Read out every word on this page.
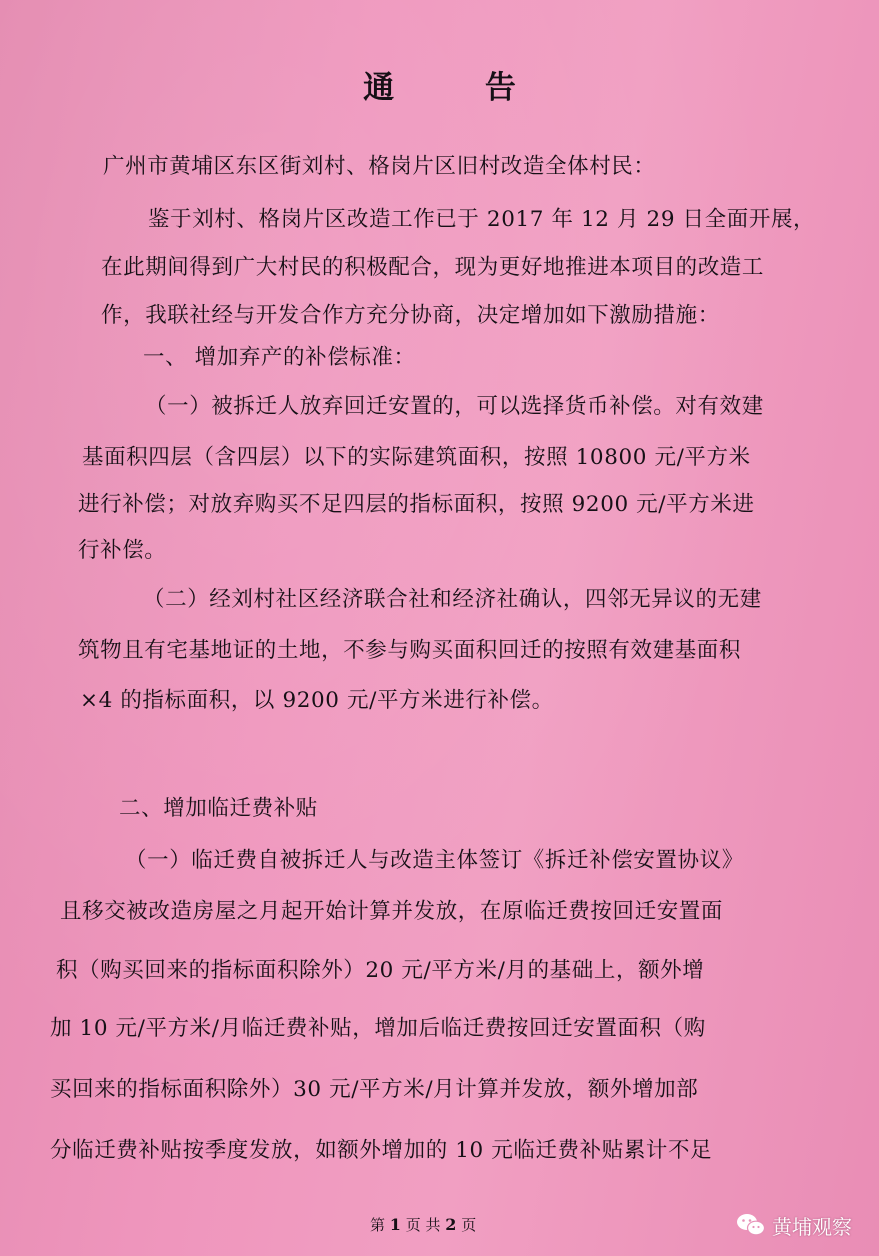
通 告
广州市黄埔区东区街刘村、格岗片区旧村改造全体村民：
鉴于刘村、格岗片区改造工作已于 2017 年 12 月 29 日全面开展，
在此期间得到广大村民的积极配合，现为更好地推进本项目的改造工
作，我联社经与开发合作方充分协商，决定增加如下激励措施：
一、 增加弃产的补偿标准：
（一）被拆迁人放弃回迁安置的，可以选择货币补偿。对有效建
基面积四层（含四层）以下的实际建筑面积，按照 10800 元/平方米
进行补偿；对放弃购买不足四层的指标面积，按照 9200 元/平方米进
行补偿。
（二）经刘村社区经济联合社和经济社确认，四邻无异议的无建
筑物且有宅基地证的土地，不参与购买面积回迁的按照有效建基面积
×4 的指标面积，以 9200 元/平方米进行补偿。
二、增加临迁费补贴
（一）临迁费自被拆迁人与改造主体签订《拆迁补偿安置协议》
且移交被改造房屋之月起开始计算并发放，在原临迁费按回迁安置面
积（购买回来的指标面积除外）20 元/平方米/月的基础上，额外增
加 10 元/平方米/月临迁费补贴，增加后临迁费按回迁安置面积（购
买回来的指标面积除外）30 元/平方米/月计算并发放，额外增加部
分临迁费补贴按季度发放，如额外增加的 10 元临迁费补贴累计不足
第 1 页 共 2 页	黄埔观察
